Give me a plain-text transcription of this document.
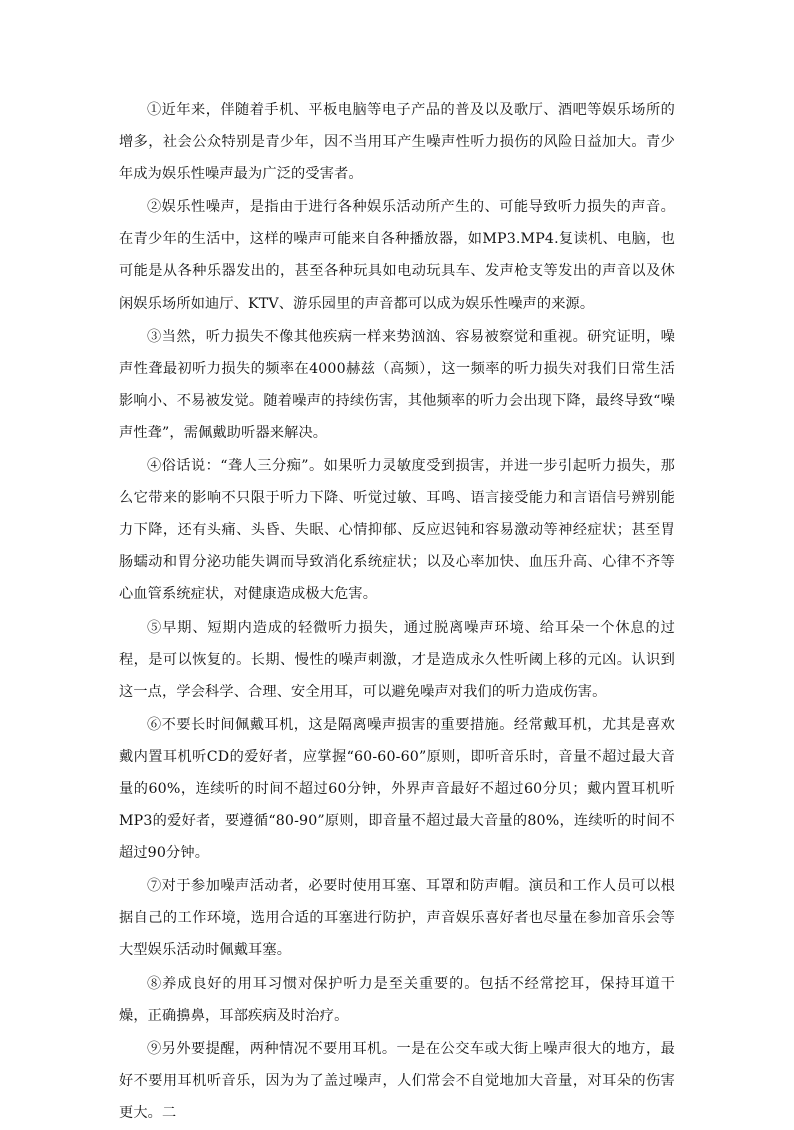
①近年来，伴随着手机、平板电脑等电子产品的普及以及歌厅、酒吧等娱乐场所的增多，社会公众特别是青少年，因不当用耳产生噪声性听力损伤的风险日益加大。青少年成为娱乐性噪声最为广泛的受害者。

②娱乐性噪声，是指由于进行各种娱乐活动所产生的、可能导致听力损失的声音。在青少年的生活中，这样的噪声可能来自各种播放器，如MP3.MP4.复读机、电脑，也可能是从各种乐器发出的，甚至各种玩具如电动玩具车、发声枪支等发出的声音以及休闲娱乐场所如迪厅、KTV、游乐园里的声音都可以成为娱乐性噪声的来源。

③当然，听力损失不像其他疾病一样来势汹汹、容易被察觉和重视。研究证明，噪声性聋最初听力损失的频率在4000赫兹（高频），这一频率的听力损失对我们日常生活影响小、不易被发觉。随着噪声的持续伤害，其他频率的听力会出现下降，最终导致“噪声性聋”，需佩戴助听器来解决。

④俗话说：“聋人三分痴”。如果听力灵敏度受到损害，并进一步引起听力损失，那么它带来的影响不只限于听力下降、听觉过敏、耳鸣、语言接受能力和言语信号辨别能力下降，还有头痛、头昏、失眠、心情抑郁、反应迟钝和容易激动等神经症状；甚至胃肠蠕动和胃分泌功能失调而导致消化系统症状；以及心率加快、血压升高、心律不齐等心血管系统症状，对健康造成极大危害。

⑤早期、短期内造成的轻微听力损失，通过脱离噪声环境、给耳朵一个休息的过程，是可以恢复的。长期、慢性的噪声刺激，才是造成永久性听阈上移的元凶。认识到这一点，学会科学、合理、安全用耳，可以避免噪声对我们的听力造成伤害。

⑥不要长时间佩戴耳机，这是隔离噪声损害的重要措施。经常戴耳机，尤其是喜欢戴内置耳机听CD的爱好者，应掌握“60-60-60”原则，即听音乐时，音量不超过最大音量的60%，连续听的时间不超过60分钟，外界声音最好不超过60分贝；戴内置耳机听MP3的爱好者，要遵循“80-90”原则，即音量不超过最大音量的80%，连续听的时间不超过90分钟。

⑦对于参加噪声活动者，必要时使用耳塞、耳罩和防声帽。演员和工作人员可以根据自己的工作环境，选用合适的耳塞进行防护，声音娱乐喜好者也尽量在参加音乐会等大型娱乐活动时佩戴耳塞。

⑧养成良好的用耳习惯对保护听力是至关重要的。包括不经常挖耳，保持耳道干燥，正确擤鼻，耳部疾病及时治疗。

⑨另外要提醒，两种情况不要用耳机。一是在公交车或大街上噪声很大的地方，最好不要用耳机听音乐，因为为了盖过噪声，人们常会不自觉地加大音量，对耳朵的伤害更大。二
